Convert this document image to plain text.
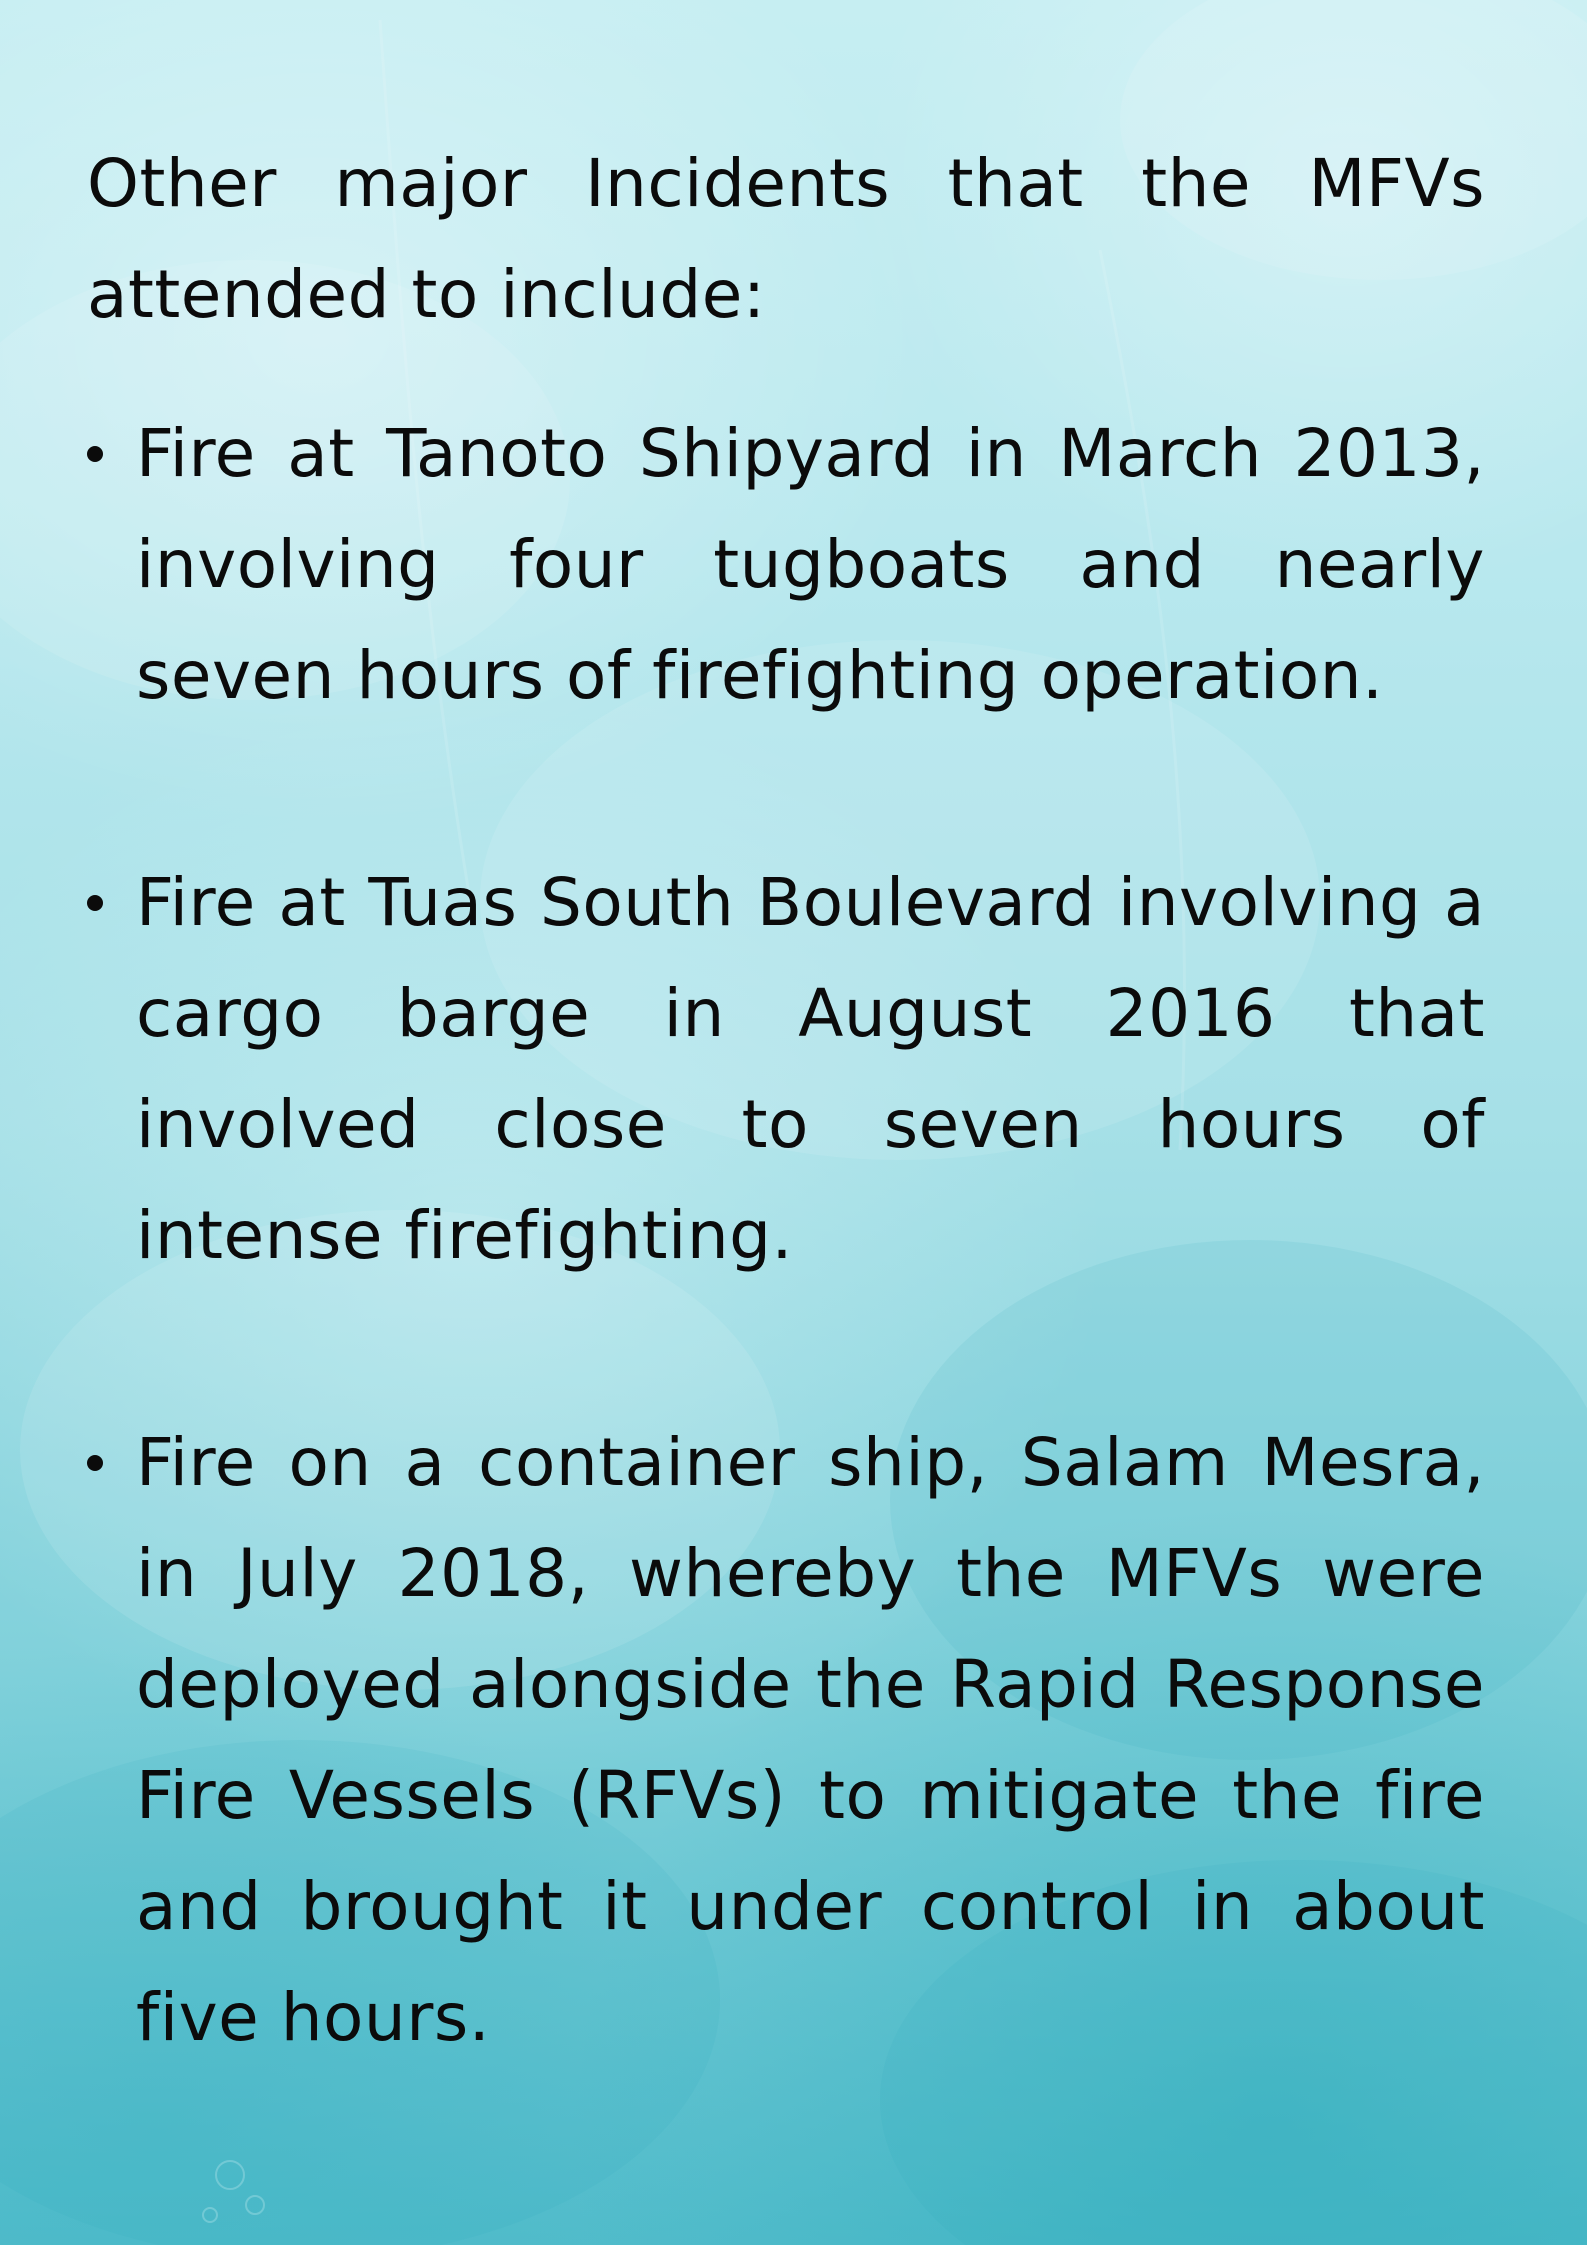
Other major Incidents that the MFVs attended to include:

Fire at Tanoto Shipyard in March 2013, involving four tugboats and nearly seven hours of firefighting operation.
Fire at Tuas South Boulevard involving a cargo barge in August 2016 that involved close to seven hours of intense firefighting.
Fire on a container ship, Salam Mesra, in July 2018, whereby the MFVs were deployed alongside the Rapid Response Fire Vessels (RFVs) to mitigate the fire and brought it under control in about five hours.
